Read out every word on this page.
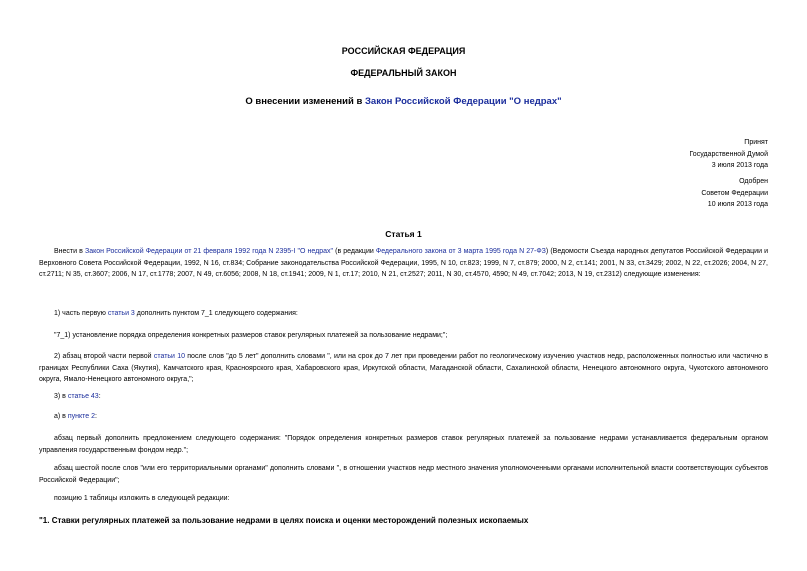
РОССИЙСКАЯ ФЕДЕРАЦИЯ
ФЕДЕРАЛЬНЫЙ ЗАКОН
О внесении изменений в Закон Российской Федерации "О недрах"
Принят
Государственной Думой
3 июля 2013 года
Одобрен
Советом Федерации
10 июля 2013 года
Статья 1
Внести в Закон Российской Федерации от 21 февраля 1992 года N 2395-I "О недрах" (в редакции Федерального закона от 3 марта 1995 года N 27-ФЗ) (Ведомости Съезда народных депутатов Российской Федерации и Верховного Совета Российской Федерации, 1992, N 16, ст.834; Собрание законодательства Российской Федерации, 1995, N 10, ст.823; 1999, N 7, ст.879; 2000, N 2, ст.141; 2001, N 33, ст.3429; 2002, N 22, ст.2026; 2004, N 27, ст.2711; N 35, ст.3607; 2006, N 17, ст.1778; 2007, N 49, ст.6056; 2008, N 18, ст.1941; 2009, N 1, ст.17; 2010, N 21, ст.2527; 2011, N 30, ст.4570, 4590; N 49, ст.7042; 2013, N 19, ст.2312) следующие изменения:
1) часть первую статьи 3 дополнить пунктом 7_1 следующего содержания:
"7_1) установление порядка определения конкретных размеров ставок регулярных платежей за пользование недрами;";
2) абзац второй части первой статьи 10 после слов "до 5 лет" дополнить словами ", или на срок до 7 лет при проведении работ по геологическому изучению участков недр, расположенных полностью или частично в границах Республики Саха (Якутия), Камчатского края, Красноярского края, Хабаровского края, Иркутской области, Магаданской области, Сахалинской области, Ненецкого автономного округа, Чукотского автономного округа, Ямало-Ненецкого автономного округа,";
3) в статье 43:
а) в пункте 2:
абзац первый дополнить предложением следующего содержания: "Порядок определения конкретных размеров ставок регулярных платежей за пользование недрами устанавливается федеральным органом управления государственным фондом недр.";
абзац шестой после слов "или его территориальными органами" дополнить словами ", в отношении участков недр местного значения уполномоченными органами исполнительной власти соответствующих субъектов Российской Федерации";
позицию 1 таблицы изложить в следующей редакции:
"1. Ставки регулярных платежей за пользование недрами в целях поиска и оценки месторождений полезных ископаемых
